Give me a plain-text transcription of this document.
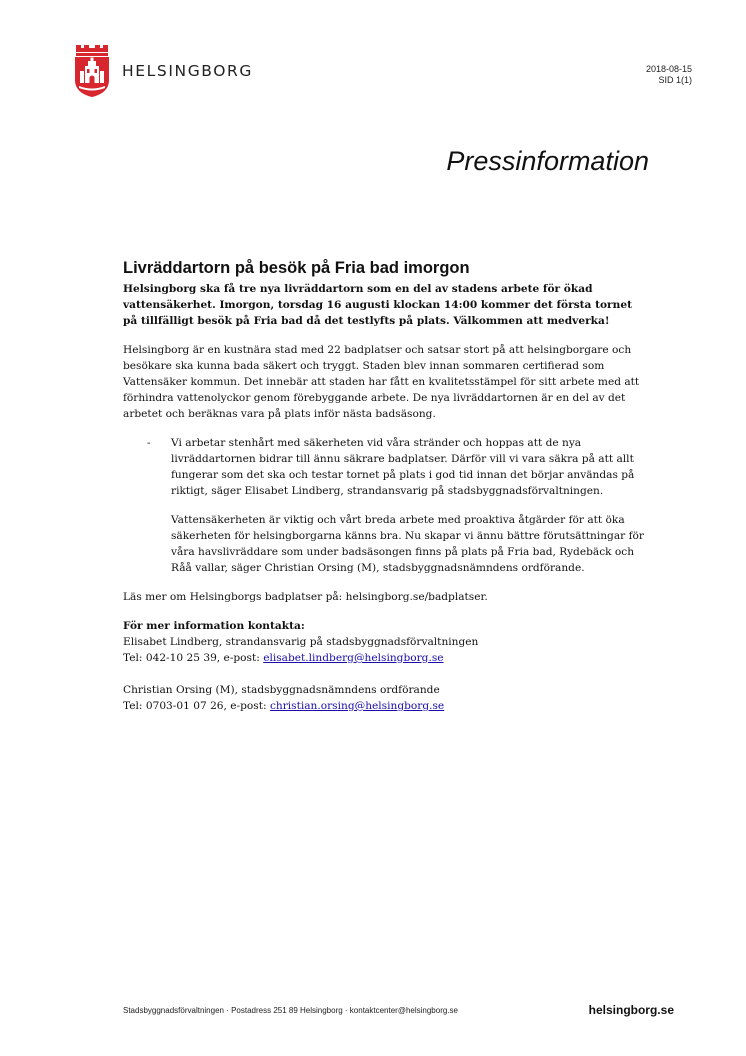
HELSINGBORG	2018-08-15
SID 1(1)
Pressinformation
Livräddartorn på besök på Fria bad imorgon

Helsingborg ska få tre nya livräddartorn som en del av stadens arbete för ökad vattensäkerhet. Imorgon, torsdag 16 augusti klockan 14:00 kommer det första tornet på tillfälligt besök på Fria bad då det testlyfts på plats. Välkommen att medverka!

Helsingborg är en kustnära stad med 22 badplatser och satsar stort på att helsingborgare och besökare ska kunna bada säkert och tryggt. Staden blev innan sommaren certifierad som Vattensäker kommun. Det innebär att staden har fått en kvalitetsstämpel för sitt arbete med att förhindra vattenolyckor genom förebyggande arbete. De nya livräddartornen är en del av det arbetet och beräknas vara på plats inför nästa badsäsong.

- Vi arbetar stenhårt med säkerheten vid våra stränder och hoppas att de nya livräddartornen bidrar till ännu säkrare badplatser. Därför vill vi vara säkra på att allt fungerar som det ska och testar tornet på plats i god tid innan det börjar användas på riktigt, säger Elisabet Lindberg, strandansvarig på stadsbyggnadsförvaltningen.
Vattensäkerheten är viktig och vårt breda arbete med proaktiva åtgärder för att öka säkerheten för helsingborgarna känns bra. Nu skapar vi ännu bättre förutsättningar för våra havslivräddare som under badsäsongen finns på plats på Fria bad, Rydebäck och Råå vallar, säger Christian Orsing (M), stadsbyggnadsnämndens ordförande.

Läs mer om Helsingborgs badplatser på: helsingborg.se/badplatser.

För mer information kontakta:
Elisabet Lindberg, strandansvarig på stadsbyggnadsförvaltningen
Tel: 042-10 25 39, e-post: elisabet.lindberg@helsingborg.se
Christian Orsing (M), stadsbyggnadsnämndens ordförande
Tel: 0703-01 07 26, e-post: christian.orsing@helsingborg.se
Stadsbyggnadsförvaltningen · Postadress 251 89 Helsingborg · kontaktcenter@helsingborg.se	helsingborg.se
